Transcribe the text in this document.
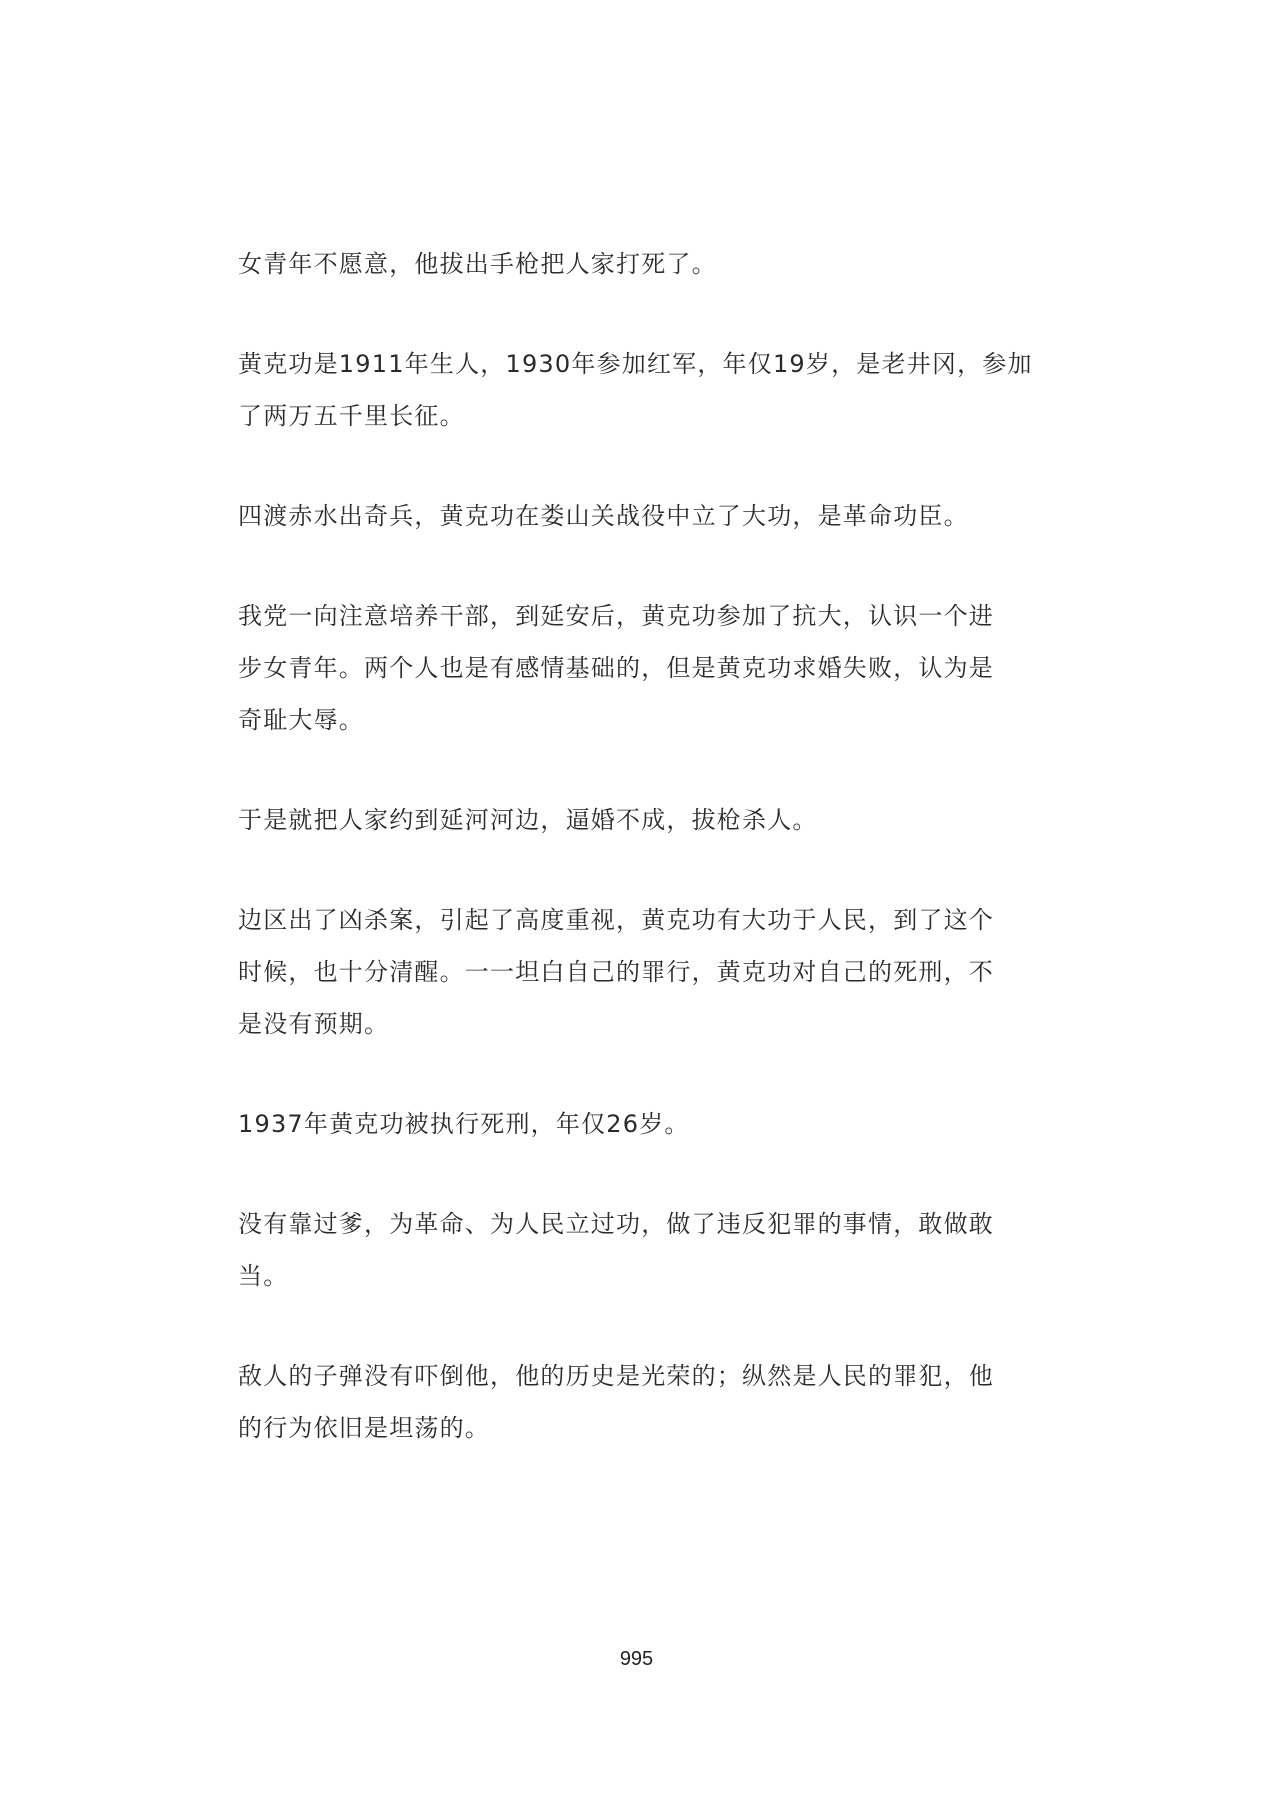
女青年不愿意，他拔出手枪把人家打死了。

黄克功是1911年生人，1930年参加红军，年仅19岁，是老井冈，参加
了两万五千里长征。

四渡赤水出奇兵，黄克功在娄山关战役中立了大功，是革命功臣。

我党一向注意培养干部，到延安后，黄克功参加了抗大，认识一个进
步女青年。两个人也是有感情基础的，但是黄克功求婚失败，认为是
奇耻大辱。

于是就把人家约到延河河边，逼婚不成，拔枪杀人。

边区出了凶杀案，引起了高度重视，黄克功有大功于人民，到了这个
时候，也十分清醒。一一坦白自己的罪行，黄克功对自己的死刑，不
是没有预期。

1937年黄克功被执行死刑，年仅26岁。

没有靠过爹，为革命、为人民立过功，做了违反犯罪的事情，敢做敢
当。

敌人的子弹没有吓倒他，他的历史是光荣的；纵然是人民的罪犯，他
的行为依旧是坦荡的。

995
